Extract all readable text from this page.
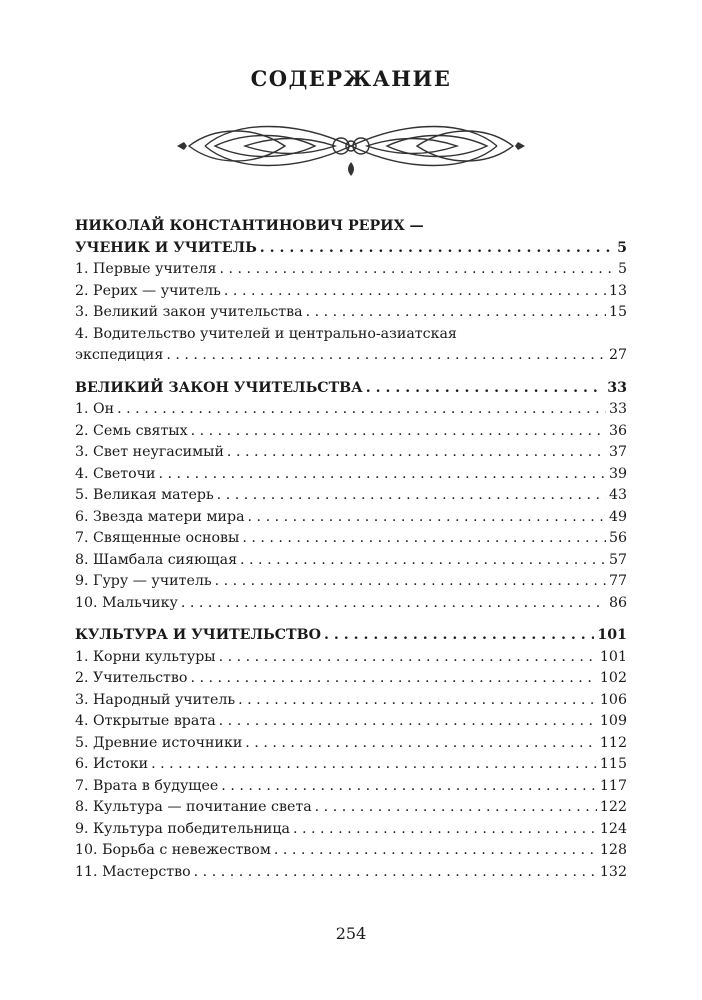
СОДЕРЖАНИЕ
НИКОЛАЙ КОНСТАНТИНОВИЧ РЕРИХ —
УЧЕНИК И УЧИТЕЛЬ . . .	5
1. Первые учителя . . .	5
2. Рерих — учитель . . .	13
3. Великий закон учительства . . .	15
4. Водительство учителей и центрально-азиатская
экспедиция . . .	27
ВЕЛИКИЙ ЗАКОН УЧИТЕЛЬСТВА . . .	33
1. Он . . .	33
2. Семь святых . . .	36
3. Свет неугасимый . . .	37
4. Светочи . . .	39
5. Великая матерь . . .	43
6. Звезда матери мира . . .	49
7. Священные основы . . .	56
8. Шамбала сияющая . . .	57
9. Гуру — учитель . . .	77
10. Мальчику . . .	86
КУЛЬТУРА И УЧИТЕЛЬСТВО . . .	101
1. Корни культуры . . .	101
2. Учительство . . .	102
3. Народный учитель . . .	106
4. Открытые врата . . .	109
5. Древние источники . . .	112
6. Истоки . . .	115
7. Врата в будущее . . .	117
8. Культура — почитание света . . .	122
9. Культура победительница . . .	124
10. Борьба с невежеством . . .	128
11. Мастерство . . .	132
254
